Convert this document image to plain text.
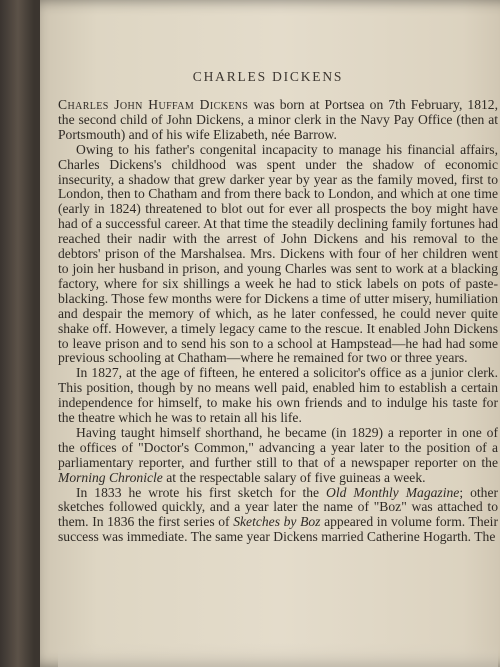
CHARLES DICKENS

Charles John Huffam Dickens was born at Portsea on 7th February, 1812, the second child of John Dickens, a minor clerk in the Navy Pay Office (then at Portsmouth) and of his wife Elizabeth, née Barrow.

Owing to his father's congenital incapacity to manage his financial affairs, Charles Dickens's childhood was spent under the shadow of economic insecurity, a shadow that grew darker year by year as the family moved, first to London, then to Chatham and from there back to London, and which at one time (early in 1824) threatened to blot out for ever all prospects the boy might have had of a successful career. At that time the steadily declining family fortunes had reached their nadir with the arrest of John Dickens and his removal to the debtors' prison of the Marshalsea. Mrs. Dickens with four of her children went to join her husband in prison, and young Charles was sent to work at a blacking factory, where for six shillings a week he had to stick labels on pots of paste-blacking. Those few months were for Dickens a time of utter misery, humiliation and despair the memory of which, as he later confessed, he could never quite shake off. However, a timely legacy came to the rescue. It enabled John Dickens to leave prison and to send his son to a school at Hampstead—he had had some previous schooling at Chatham—where he remained for two or three years.

In 1827, at the age of fifteen, he entered a solicitor's office as a junior clerk. This position, though by no means well paid, enabled him to establish a certain independence for himself, to make his own friends and to indulge his taste for the theatre which he was to retain all his life.

Having taught himself shorthand, he became (in 1829) a reporter in one of the offices of "Doctor's Common," advancing a year later to the position of a parliamentary reporter, and further still to that of a newspaper reporter on the Morning Chronicle at the respectable salary of five guineas a week.

In 1833 he wrote his first sketch for the Old Monthly Magazine; other sketches followed quickly, and a year later the name of "Boz" was attached to them. In 1836 the first series of Sketches by Boz appeared in volume form. Their success was immediate. The same year Dickens married Catherine Hogarth. The
